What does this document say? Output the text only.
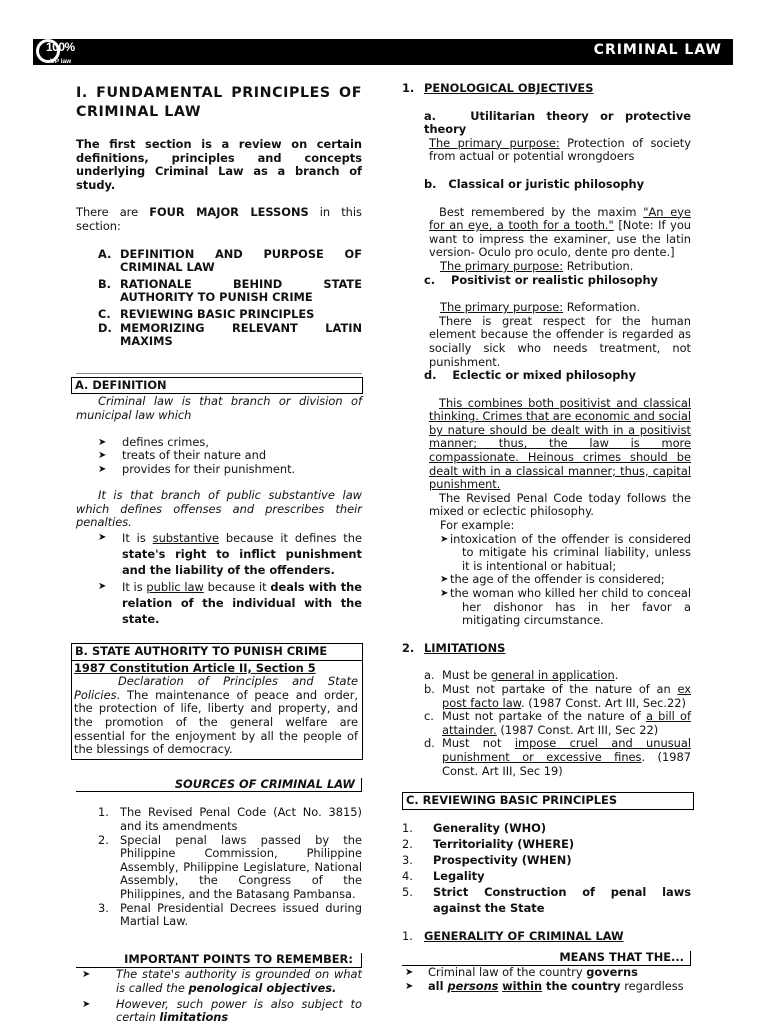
100%
UP law
CRIMINAL LAW
I. FUNDAMENTAL PRINCIPLES OF CRIMINAL LAW

The first section is a review on certain definitions, principles and concepts underlying Criminal Law as a branch of study.

There are FOUR MAJOR LESSONS in this section:

A. DEFINITION AND PURPOSE OF CRIMINAL LAW
B. RATIONALE BEHIND STATE AUTHORITY TO PUNISH CRIME
C. REVIEWING BASIC PRINCIPLES
D. MEMORIZING RELEVANT LATIN MAXIMS
A. DEFINITION

Criminal law is that branch or division of municipal law which

➤ defines crimes,
➤ treats of their nature and
➤ provides for their punishment.

It is that branch of public substantive law which defines offenses and prescribes their penalties.

➤ It is substantive because it defines the state's right to inflict punishment and the liability of the offenders.
➤ It is public law because it deals with the relation of the individual with the state.
B. STATE AUTHORITY TO PUNISH CRIME
1987 Constitution Article II, Section 5

Declaration of Principles and State Policies. The maintenance of peace and order, the protection of life, liberty and property, and the promotion of the general welfare are essential for the enjoyment by all the people of the blessings of democracy.

SOURCES OF CRIMINAL LAW
1. The Revised Penal Code (Act No. 3815) and its amendments
2. Special penal laws passed by the Philippine Commission, Philippine Assembly, Philippine Legislature, National Assembly, the Congress of the Philippines, and the Batasang Pambansa.
3. Penal Presidential Decrees issued during Martial Law.
IMPORTANT POINTS TO REMEMBER:
➤ The state's authority is grounded on what is called the penological objectives.
➤ However, such power is also subject to certain limitations
1. PENOLOGICAL OBJECTIVES
a.	Utilitarian theory or protective theory

The primary purpose: Protection of society from actual or potential wrongdoers

b. Classical or juristic philosophy

Best remembered by the maxim "An eye for an eye, a tooth for a tooth." [Note: If you want to impress the examiner, use the latin version- Oculo pro oculo, dente pro dente.]

The primary purpose: Retribution.

c. Positivist or realistic philosophy

The primary purpose: Reformation.

There is great respect for the human element because the offender is regarded as socially sick who needs treatment, not punishment.

d. Eclectic or mixed philosophy

This combines both positivist and classical thinking. Crimes that are economic and social by nature should be dealt with in a positivist manner; thus, the law is more compassionate. Heinous crimes should be dealt with in a classical manner; thus, capital punishment.

The Revised Penal Code today follows the mixed or eclectic philosophy.

For example:

➤ intoxication of the offender is considered to mitigate his criminal liability, unless it is intentional or habitual;
➤ the age of the offender is considered;
➤ the woman who killed her child to conceal her dishonor has in her favor a mitigating circumstance.
2. LIMITATIONS
a. Must be general in application.
b. Must not partake of the nature of an ex post facto law. (1987 Const. Art III, Sec.22)
c. Must not partake of the nature of a bill of attainder. (1987 Const. Art III, Sec 22)
d. Must not impose cruel and unusual punishment or excessive fines. (1987 Const. Art III, Sec 19)
C. REVIEWING BASIC PRINCIPLES
1. Generality (WHO)
2. Territoriality (WHERE)
3. Prospectivity (WHEN)
4. Legality
5. Strict Construction of penal laws against the State
1. GENERALITY OF CRIMINAL LAW
MEANS THAT THE...
➤ Criminal law of the country governs
➤ all persons within the country regardless
